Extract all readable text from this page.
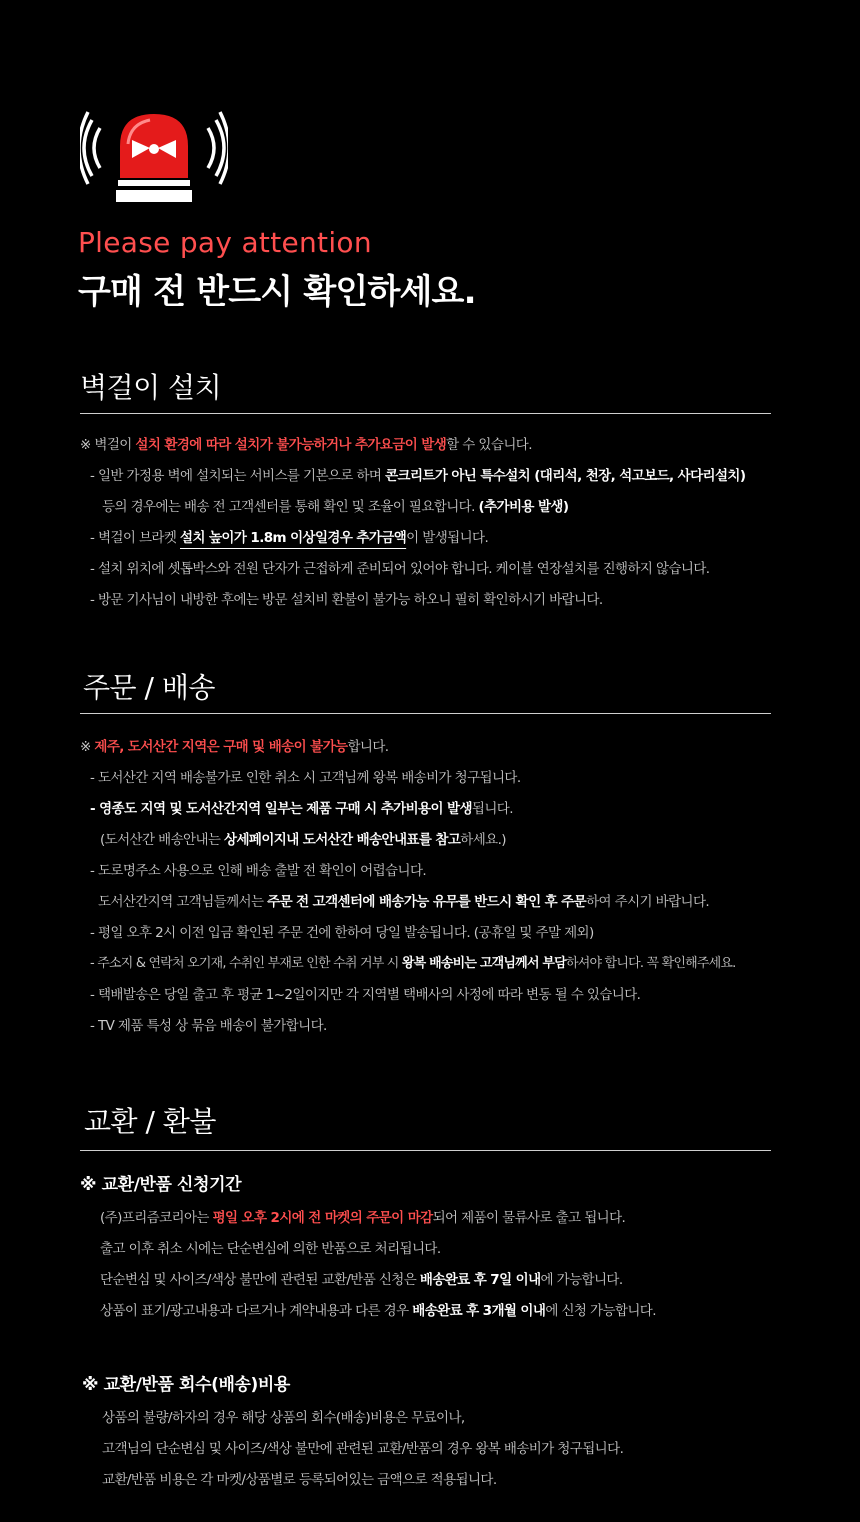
Please pay attention
구매 전 반드시 확인하세요.
벽걸이 설치
※ 벽걸이 설치 환경에 따라 설치가 불가능하거나 추가요금이 발생할 수 있습니다.
- 일반 가정용 벽에 설치되는 서비스를 기본으로 하며 콘크리트가 아닌 특수설치 (대리석, 천장, 석고보드, 사다리설치)
등의 경우에는 배송 전 고객센터를 통해 확인 및 조율이 필요합니다. (추가비용 발생)
- 벽걸이 브라켓 설치 높이가 1.8m 이상일경우 추가금액이 발생됩니다.
- 설치 위치에 셋톱박스와 전원 단자가 근접하게 준비되어 있어야 합니다. 케이블 연장설치를 진행하지 않습니다.
- 방문 기사님이 내방한 후에는 방문 설치비 환불이 불가능 하오니 필히 확인하시기 바랍니다.
주문 / 배송
※ 제주, 도서산간 지역은 구매 및 배송이 불가능합니다.
- 도서산간 지역 배송불가로 인한 취소 시 고객님께 왕복 배송비가 청구됩니다.
- 영종도 지역 및 도서산간지역 일부는 제품 구매 시 추가비용이 발생됩니다.
(도서산간 배송안내는 상세페이지내 도서산간 배송안내표를 참고하세요.)
- 도로명주소 사용으로 인해 배송 출발 전 확인이 어렵습니다.
도서산간지역 고객님들께서는 주문 전 고객센터에 배송가능 유무를 반드시 확인 후 주문하여 주시기 바랍니다.
- 평일 오후 2시 이전 입금 확인된 주문 건에 한하여 당일 발송됩니다. (공휴일 및 주말 제외)
- 주소지 & 연락처 오기재, 수취인 부재로 인한 수취 거부 시 왕복 배송비는 고객님께서 부담하셔야 합니다. 꼭 확인해주세요.
- 택배발송은 당일 출고 후 평균 1~2일이지만 각 지역별 택배사의 사정에 따라 변동 될 수 있습니다.
- TV 제품 특성 상 묶음 배송이 불가합니다.
교환 / 환불
※ 교환/반품 신청기간
(주)프리즘코리아는 평일 오후 2시에 전 마켓의 주문이 마감되어 제품이 물류사로 출고 됩니다.
출고 이후 취소 시에는 단순변심에 의한 반품으로 처리됩니다.
단순변심 및 사이즈/색상 불만에 관련된 교환/반품 신청은 배송완료 후 7일 이내에 가능합니다.
상품이 표기/광고내용과 다르거나 계약내용과 다른 경우 배송완료 후 3개월 이내에 신청 가능합니다.
※ 교환/반품 회수(배송)비용
상품의 불량/하자의 경우 해당 상품의 회수(배송)비용은 무료이나,
고객님의 단순변심 및 사이즈/색상 불만에 관련된 교환/반품의 경우 왕복 배송비가 청구됩니다.
교환/반품 비용은 각 마켓/상품별로 등록되어있는 금액으로 적용됩니다.
